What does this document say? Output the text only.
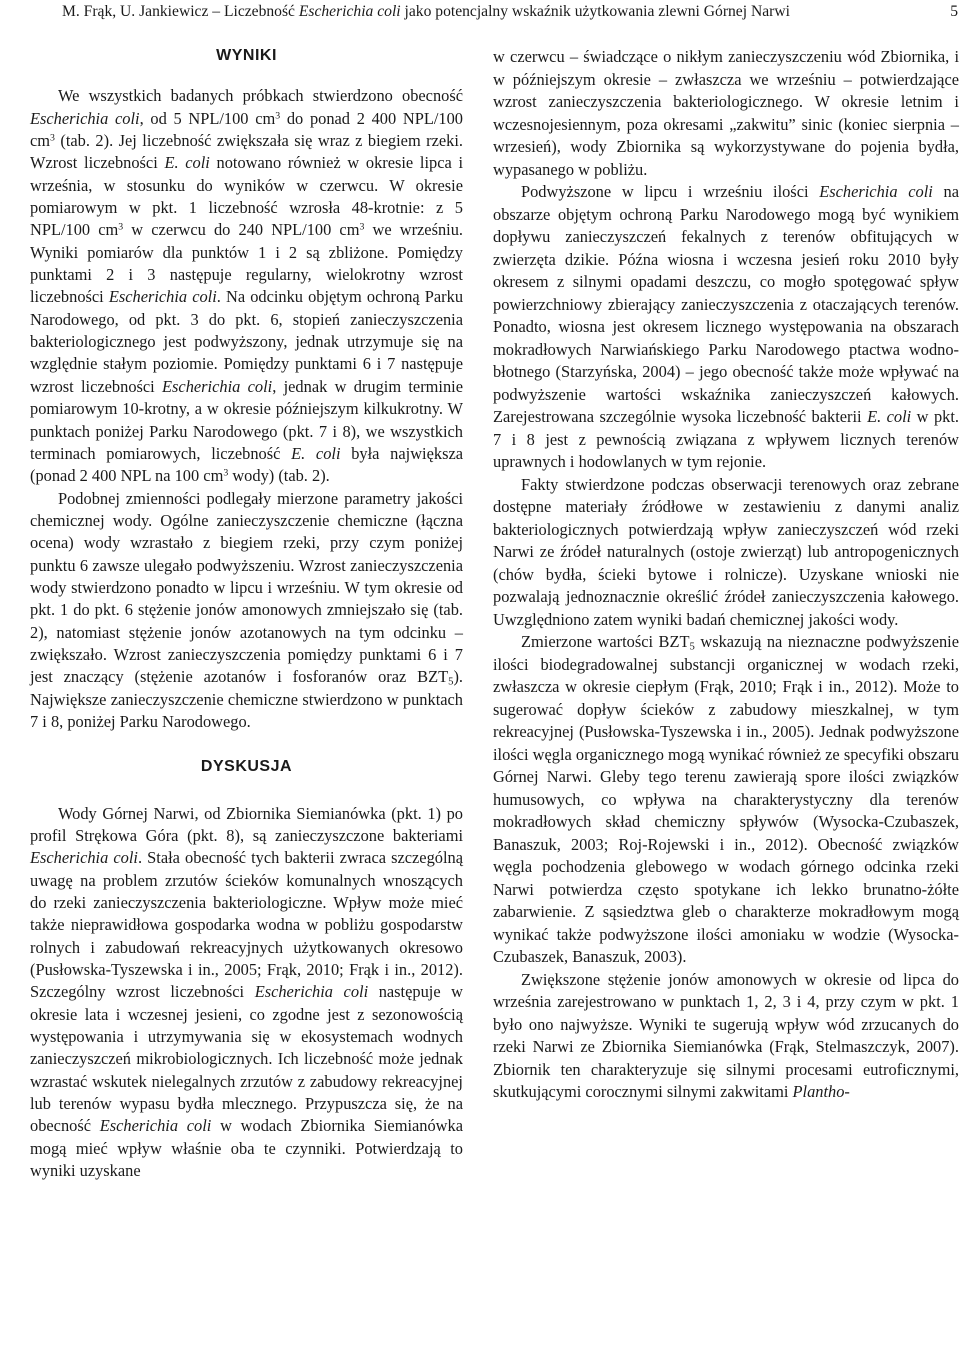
M. Frąk, U. Jankiewicz – Liczebność Escherichia coli jako potencjalny wskaźnik użytkowania zlewni Górnej Narwi	5
WYNIKI

We wszystkich badanych próbkach stwierdzono obecność Escherichia coli, od 5 NPL/100 $cm^3$ do ponad 2 400 NPL/100 $cm^3$ (tab. 2). Jej liczebność zwiększała się wraz z biegiem rzeki. Wzrost liczebności E. coli notowano również w okresie lipca i września, w stosunku do wyników w czerwcu. W okresie pomiarowym w pkt. 1 liczebność wzrosła 48-krotnie: z 5 NPL/100 $cm^3$ w czerwcu do 240 NPL/100 $cm^3$ we wrześniu. Wyniki pomiarów dla punktów 1 i 2 są zbliżone. Pomiędzy punktami 2 i 3 następuje regularny, wielokrotny wzrost liczebności Escherichia coli. Na odcinku objętym ochroną Parku Narodowego, od pkt. 3 do pkt. 6, stopień zanieczyszczenia bakteriologicznego jest podwyższony, jednak utrzymuje się na względnie stałym poziomie. Pomiędzy punktami 6 i 7 następuje wzrost liczebności Escherichia coli, jednak w drugim terminie pomiarowym 10-krotny, a w okresie późniejszym kilkukrotny. W punktach poniżej Parku Narodowego (pkt. 7 i 8), we wszystkich terminach pomiarowych, liczebność E. coli była największa (ponad 2 400 NPL na 100 $cm^3$ wody) (tab. 2).

Podobnej zmienności podlegały mierzone parametry jakości chemicznej wody. Ogólne zanieczyszczenie chemiczne (łączna ocena) wody wzrastało z biegiem rzeki, przy czym poniżej punktu 6 zawsze ulegało podwyższeniu. Wzrost zanieczyszczenia wody stwierdzono ponadto w lipcu i wrześniu. W tym okresie od pkt. 1 do pkt. 6 stężenie jonów amonowych zmniejszało się (tab. 2), natomiast stężenie jonów azotanowych na tym odcinku – zwiększało. Wzrost zanieczyszczenia pomiędzy punktami 6 i 7 jest znaczący (stężenie azotanów i fosforanów oraz $BZT_5$). Największe zanieczyszczenie chemiczne stwierdzono w punktach 7 i 8, poniżej Parku Narodowego.

DYSKUSJA

Wody Górnej Narwi, od Zbiornika Siemianówka (pkt. 1) po profil Strękowa Góra (pkt. 8), są zanieczyszczone bakteriami Escherichia coli. Stała obecność tych bakterii zwraca szczególną uwagę na problem zrzutów ścieków komunalnych wnoszących do rzeki zanieczyszczenia bakteriologiczne. Wpływ może mieć także nieprawidłowa gospodarka wodna w pobliżu gospodarstw rolnych i zabudowań rekreacyjnych użytkowanych okresowo (Pusłowska-Tyszewska i in., 2005; Frąk, 2010; Frąk i in., 2012). Szczególny wzrost liczebności Escherichia coli następuje w okresie lata i wczesnej jesieni, co zgodne jest z sezonowością występowania i utrzymywania się w ekosystemach wodnych zanieczyszczeń mikrobiologicznych. Ich liczebność może jednak wzrastać wskutek nielegalnych zrzutów z zabudowy rekreacyjnej lub terenów wypasu bydła mlecznego. Przypuszcza się, że na obecność Escherichia coli w wodach Zbiornika Siemianówka mogą mieć wpływ właśnie oba te czynniki. Potwierdzają to wyniki uzyskane

w czerwcu – świadczące o nikłym zanieczyszczeniu wód Zbiornika, i w późniejszym okresie – zwłaszcza we wrześniu – potwierdzające wzrost zanieczyszczenia bakteriologicznego. W okresie letnim i wczesnojesiennym, poza okresami „zakwitu” sinic (koniec sierpnia – wrzesień), wody Zbiornika są wykorzystywane do pojenia bydła, wypasanego w pobliżu.

Podwyższone w lipcu i wrześniu ilości Escherichia coli na obszarze objętym ochroną Parku Narodowego mogą być wynikiem dopływu zanieczyszczeń fekalnych z terenów obfitujących w zwierzęta dzikie. Późna wiosna i wczesna jesień roku 2010 były okresem z silnymi opadami deszczu, co mogło spotęgować spływ powierzchniowy zbierający zanieczyszczenia z otaczających terenów. Ponadto, wiosna jest okresem licznego występowania na obszarach mokradłowych Narwiańskiego Parku Narodowego ptactwa wodno-błotnego (Starzyńska, 2004) – jego obecność także może wpływać na podwyższenie wartości wskaźnika zanieczyszczeń kałowych. Zarejestrowana szczególnie wysoka liczebność bakterii E. coli w pkt. 7 i 8 jest z pewnością związana z wpływem licznych terenów uprawnych i hodowlanych w tym rejonie.

Fakty stwierdzone podczas obserwacji terenowych oraz zebrane dostępne materiały źródłowe w zestawieniu z danymi analiz bakteriologicznych potwierdzają wpływ zanieczyszczeń wód rzeki Narwi ze źródeł naturalnych (ostoje zwierząt) lub antropogenicznych (chów bydła, ścieki bytowe i rolnicze). Uzyskane wnioski nie pozwalają jednoznacznie określić źródeł zanieczyszczenia kałowego. Uwzględniono zatem wyniki badań chemicznej jakości wody.

Zmierzone wartości $BZT_5$ wskazują na nieznaczne podwyższenie ilości biodegradowalnej substancji organicznej w wodach rzeki, zwłaszcza w okresie ciepłym (Frąk, 2010; Frąk i in., 2012). Może to sugerować dopływ ścieków z zabudowy mieszkalnej, w tym rekreacyjnej (Pusłowska-Tyszewska i in., 2005). Jednak podwyższone ilości węgla organicznego mogą wynikać również ze specyfiki obszaru Górnej Narwi. Gleby tego terenu zawierają spore ilości związków humusowych, co wpływa na charakterystyczny dla terenów mokradłowych skład chemiczny spływów (Wysocka-Czubaszek, Banaszuk, 2003; Roj-Rojewski i in., 2012). Obecność związków węgla pochodzenia glebowego w wodach górnego odcinka rzeki Narwi potwierdza często spotykane ich lekko brunatno-żółte zabarwienie. Z sąsiedztwa gleb o charakterze mokradłowym mogą wynikać także podwyższone ilości amoniaku w wodzie (Wysocka-Czubaszek, Banaszuk, 2003).

Zwiększone stężenie jonów amonowych w okresie od lipca do września zarejestrowano w punktach 1, 2, 3 i 4, przy czym w pkt. 1 było ono najwyższe. Wyniki te sugerują wpływ wód zrzucanych do rzeki Narwi ze Zbiornika Siemianówka (Frąk, Stelmaszczyk, 2007). Zbiornik ten charakteryzuje się silnymi procesami eutroficznymi, skutkującymi corocznymi silnymi zakwitami Plantho-
